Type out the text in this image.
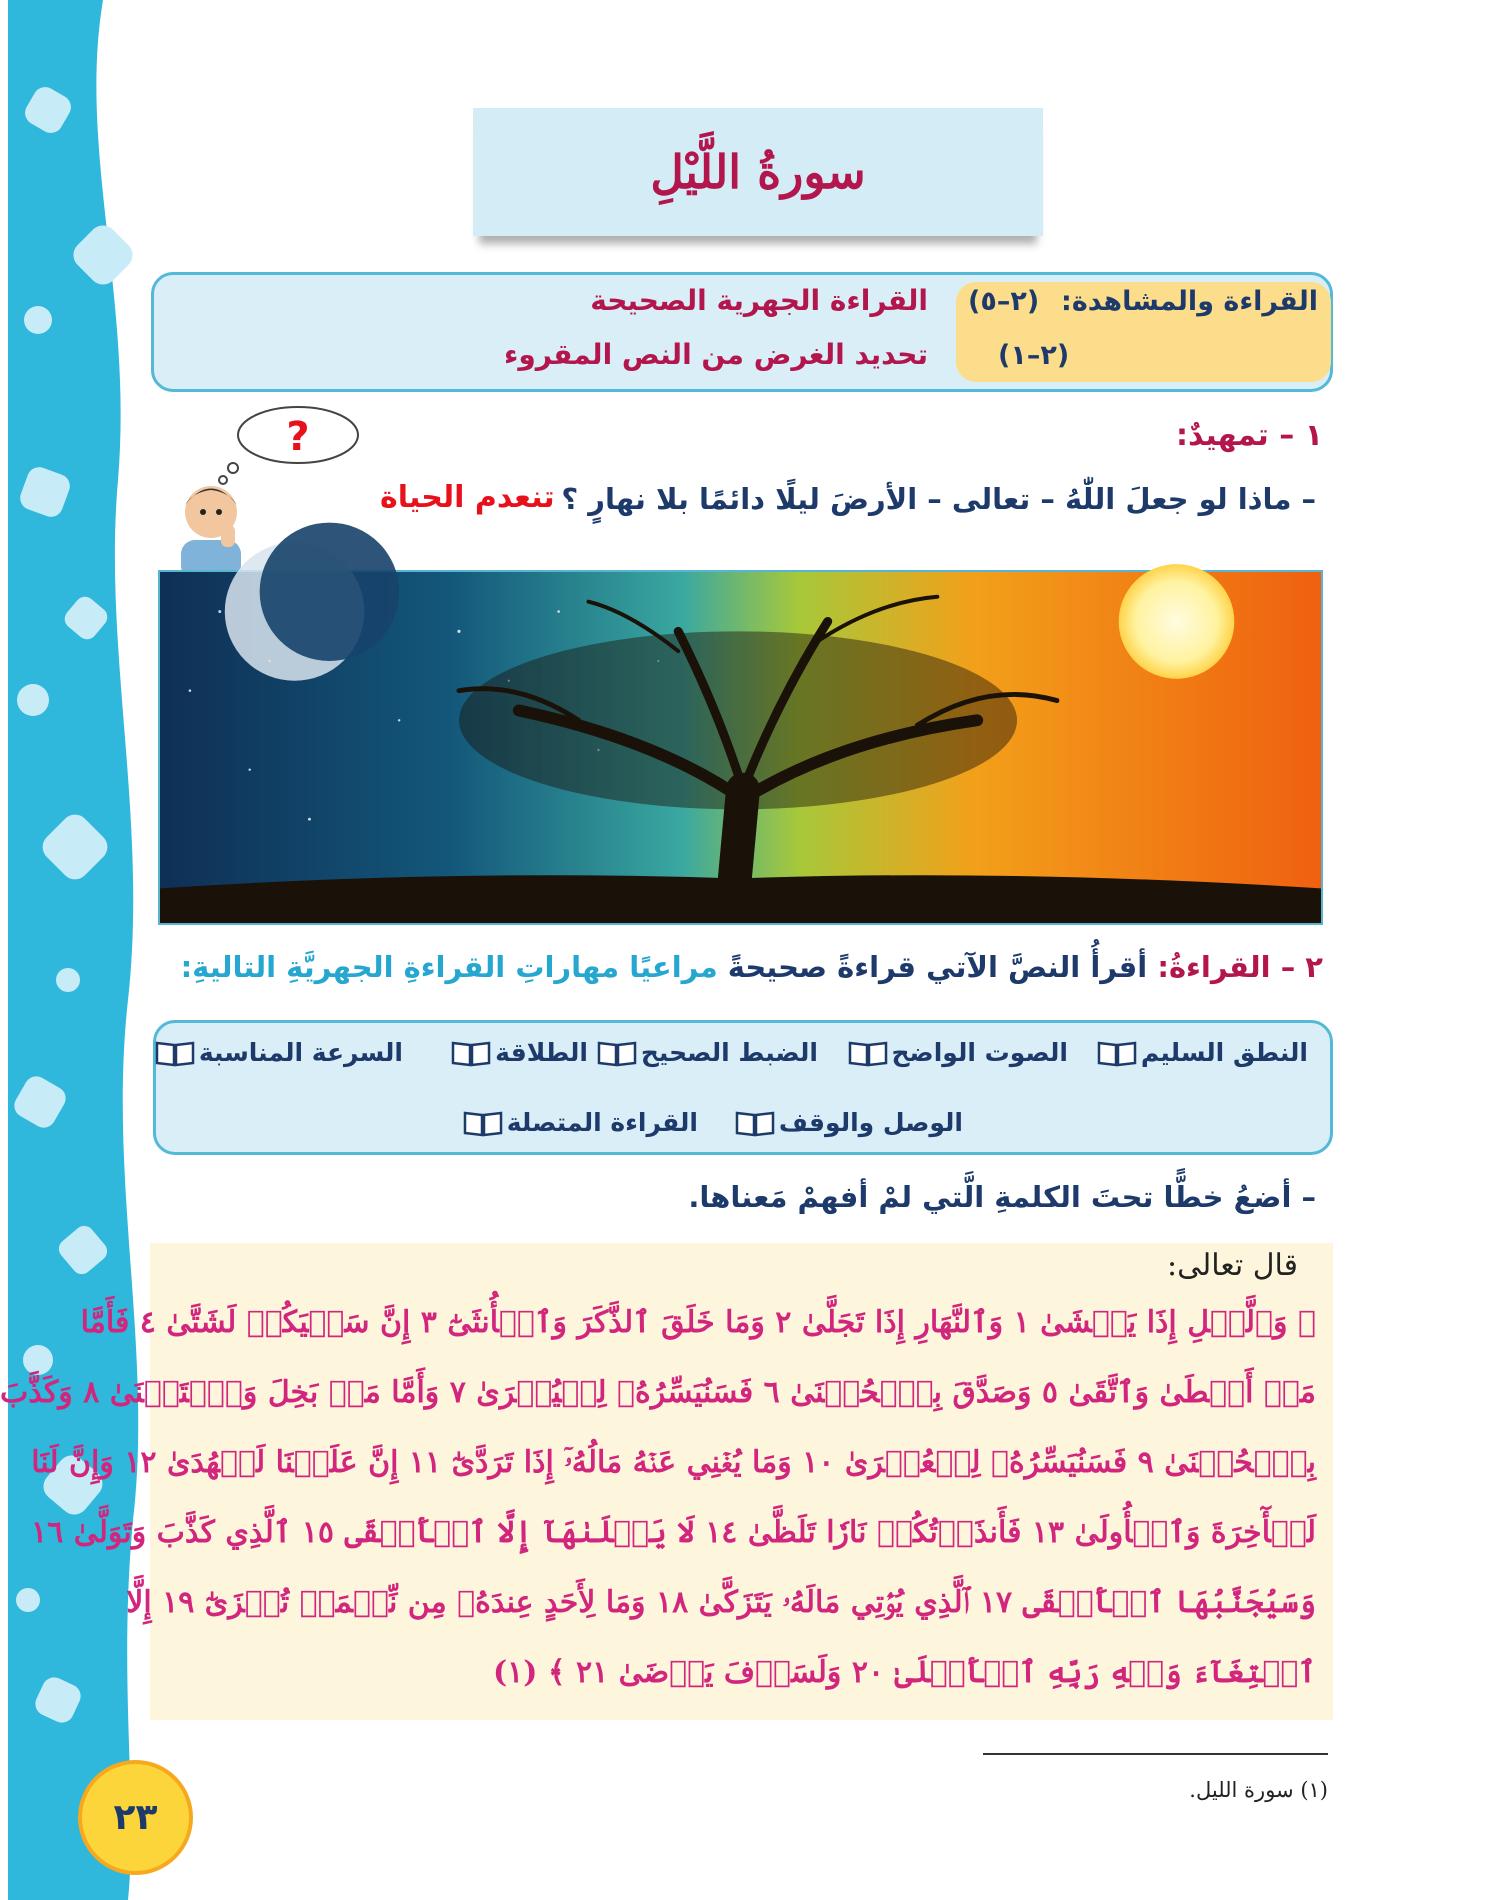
سورةُ اللَّيْلِ
القراءة والمشاهدة:
(٢–٥)
القراءة الجهرية الصحيحة
(٢–١)
تحديد الغرض من النص المقروء
١ – تمهيدٌ:
– ماذا لو جعلَ اللّٰهُ – تعالى – الأرضَ ليلًا دائمًا بلا نهارٍ ؟
تنعدم الحياة
?
٢ – القراءةُ: أقرأُ النصَّ الآتي قراءةً صحيحةً مراعيًا مهاراتِ القراءةِ الجهريَّةِ التاليةِ:
النطق السليم
الصوت الواضح
الضبط الصحيح
الطلاقة
السرعة المناسبة
الوصل والوقف
القراءة المتصلة
– أضعُ خطًّا تحتَ الكلمةِ الَّتي لمْ أفهمْ مَعناها.
قال تعالى:
﴿ وَٱلَّيۡلِ إِذَا يَغۡشَىٰ ١ وَٱلنَّهَارِ إِذَا تَجَلَّىٰ ٢ وَمَا خَلَقَ ٱلذَّكَرَ وَٱلۡأُنثَىٰٓ ٣ إِنَّ سَعۡيَكُمۡ لَشَتَّىٰ ٤ فَأَمَّا
مَنۡ أَعۡطَىٰ وَٱتَّقَىٰ ٥ وَصَدَّقَ بِٱلۡحُسۡنَىٰ ٦ فَسَنُيَسِّرُهُۥ لِلۡيُسۡرَىٰ ٧ وَأَمَّا مَنۢ بَخِلَ وَٱسۡتَغۡنَىٰ ٨ وَكَذَّبَ
بِٱلۡحُسۡنَىٰ ٩ فَسَنُيَسِّرُهُۥ لِلۡعُسۡرَىٰ ١٠ وَمَا يُغۡنِي عَنۡهُ مَالُهُۥٓ إِذَا تَرَدَّىٰٓ ١١ إِنَّ عَلَيۡنَا لَلۡهُدَىٰ ١٢ وَإِنَّ لَنَا
لَلۡأٓخِرَةَ وَٱلۡأُولَىٰ ١٣ فَأَنذَرۡتُكُمۡ نَارٗا تَلَظَّىٰ ١٤ لَا يَصۡلَىٰهَآ إِلَّا ٱلۡأَشۡقَى ١٥ ٱلَّذِي كَذَّبَ وَتَوَلَّىٰ ١٦
وَسَيُجَنَّبُهَا ٱلۡأَتۡقَى ١٧ ٱلَّذِي يُؤۡتِي مَالَهُۥ يَتَزَكَّىٰ ١٨ وَمَا لِأَحَدٍ عِندَهُۥ مِن نِّعۡمَةٖ تُجۡزَىٰٓ ١٩ إِلَّا
ٱبۡتِغَآءَ وَجۡهِ رَبِّهِ ٱلۡأَعۡلَىٰ ٢٠ وَلَسَوۡفَ يَرۡضَىٰ ٢١ ﴾ (١)
(١) سورة الليل.
٢٣
